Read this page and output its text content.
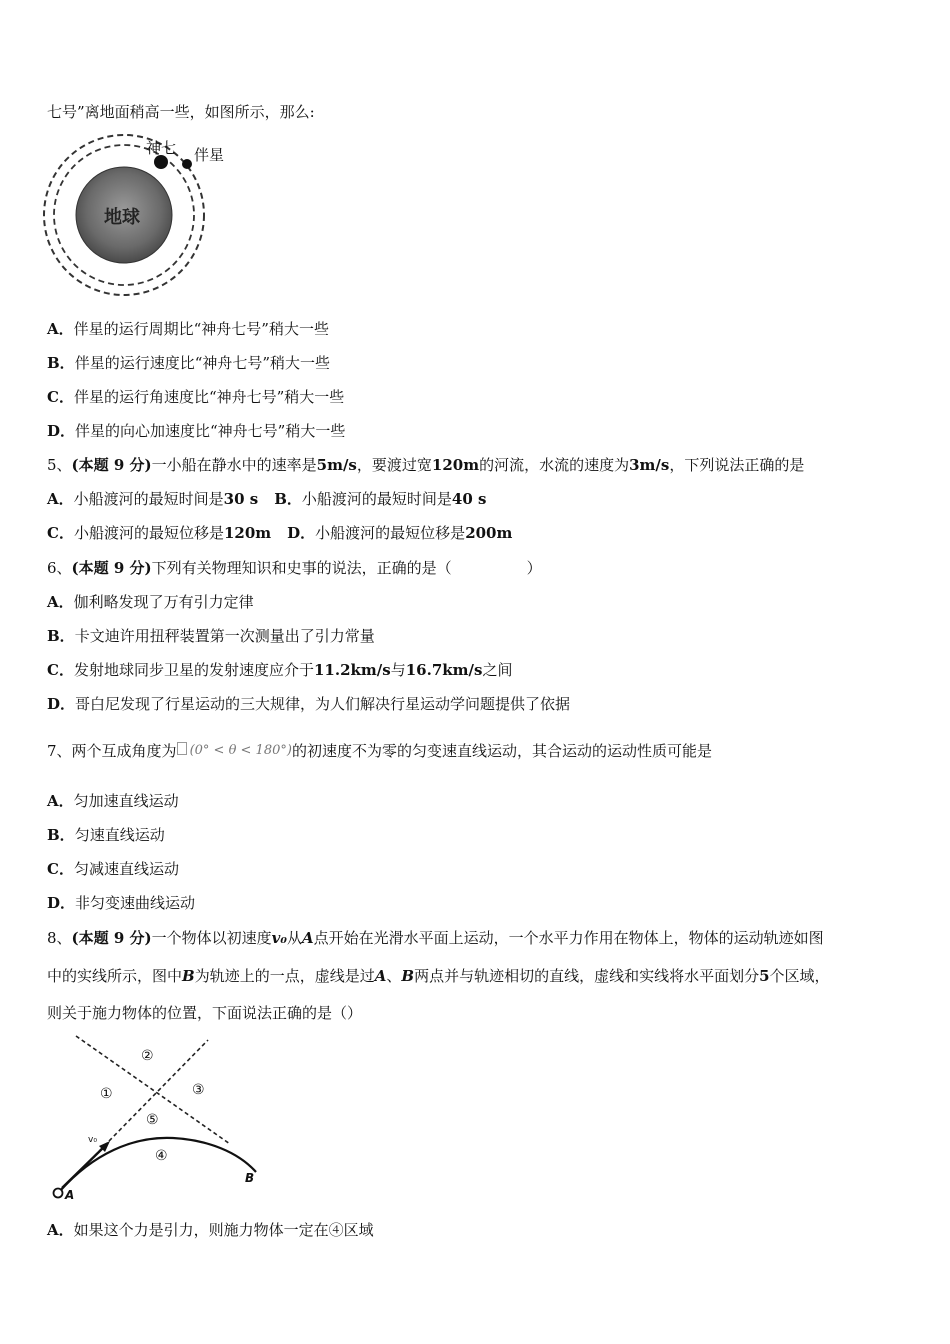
七号”离地面稍高一些，如图所示，那么:
神七 伴星
地球
A．伴星的运行周期比“神舟七号”稍大一些
B．伴星的运行速度比“神舟七号”稍大一些
C．伴星的运行角速度比“神舟七号”稍大一些
D．伴星的向心加速度比“神舟七号”稍大一些
5、(本题 9 分)一小船在静水中的速率是5m/s，要渡过宽120m的河流，水流的速度为3m/s，下列说法正确的是
A．小船渡河的最短时间是30 s B．小船渡河的最短时间是40 s
C．小船渡河的最短位移是120m D．小船渡河的最短位移是200m
6、(本题 9 分)下列有关物理知识和史事的说法，正确的是（　　　　　）
A．伽利略发现了万有引力定律
B．卡文迪许用扭秤装置第一次测量出了引力常量
C．发射地球同步卫星的发射速度应介于11.2km/s与16.7km/s之间
D．哥白尼发现了行星运动的三大规律，为人们解决行星运动学问题提供了依据
7、两个互成角度为 (0° < θ < 180°)的初速度不为零的匀变速直线运动，其合运动的运动性质可能是
A．匀加速直线运动
B．匀速直线运动
C．匀减速直线运动
D．非匀变速曲线运动
8、(本题 9 分)一个物体以初速度v₀从A点开始在光滑水平面上运动，一个水平力作用在物体上，物体的运动轨迹如图
中的实线所示，图中B为轨迹上的一点，虚线是过A、B两点并与轨迹相切的直线，虚线和实线将水平面划分5个区域，
则关于施力物体的位置，下面说法正确的是（）
A
B
v₀
①
②
③
④
⑤
A．如果这个力是引力，则施力物体一定在④区域
